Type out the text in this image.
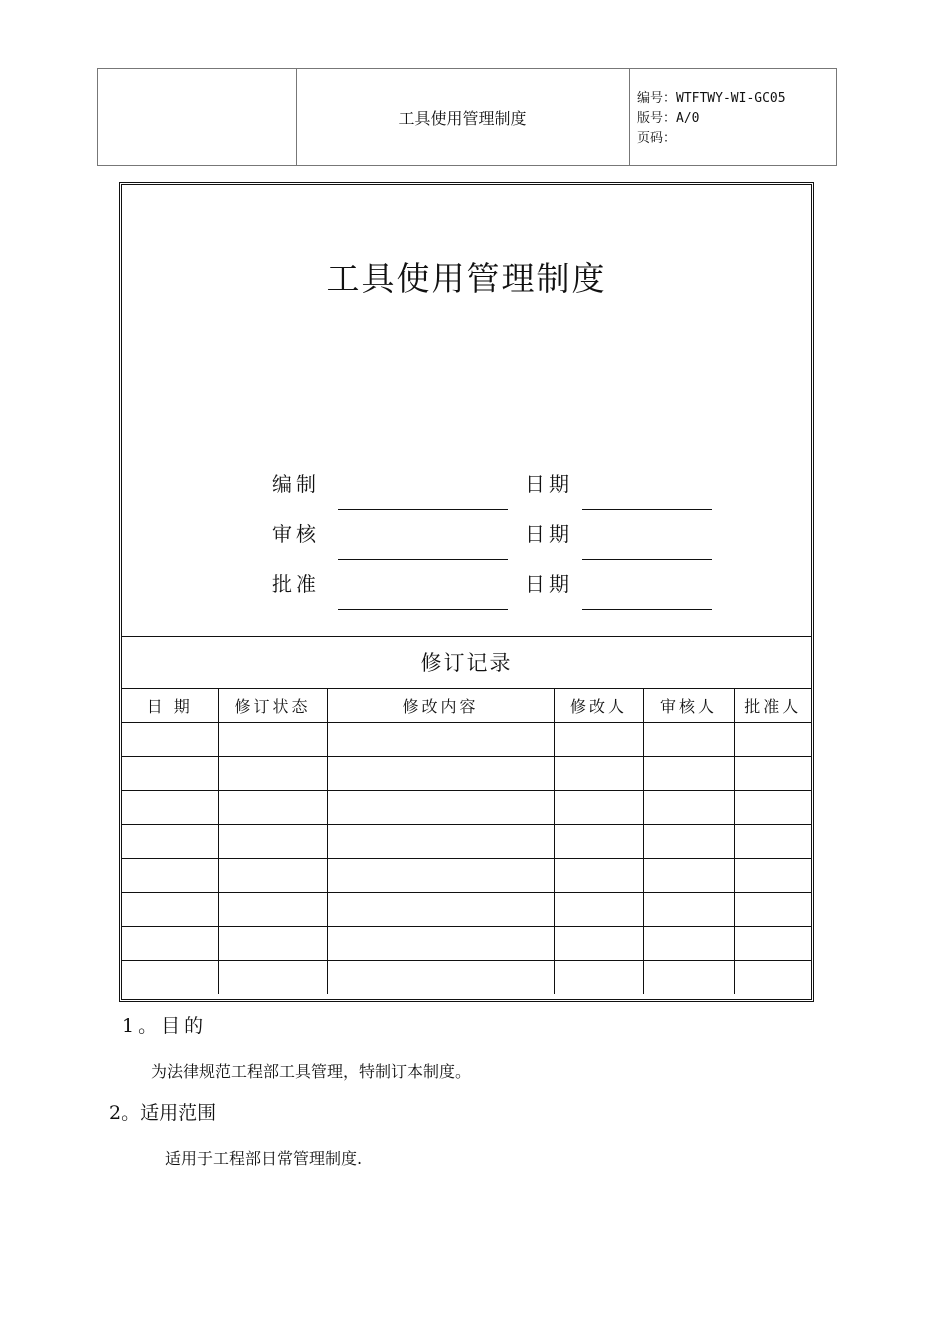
工具使用管理制度
编号：WTFTWY-WI-GC05
版号：A/0
页码：
工具使用管理制度
编制	日期
审核	日期
批准	日期
修订记录
日 期	修订状态	修改内容	修改人	审核人	批准人

1。目的
为法律规范工程部工具管理，特制订本制度。
2。适用范围
适用于工程部日常管理制度.
